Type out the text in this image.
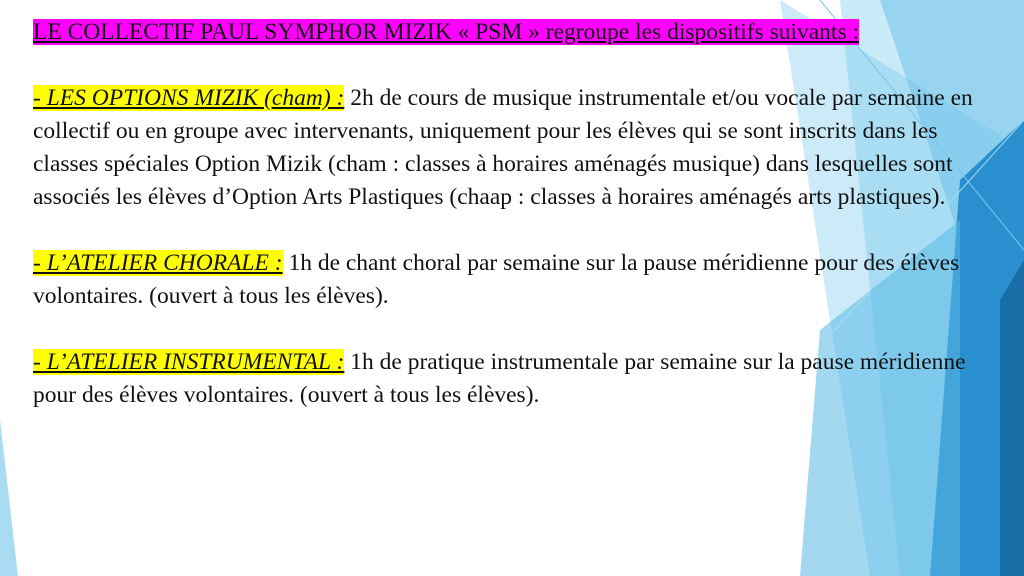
LE COLLECTIF PAUL SYMPHOR MIZIK « PSM » regroupe les dispositifs suivants :

- LES OPTIONS MIZIK (cham) : 2h de cours de musique instrumentale et/ou vocale par semaine en collectif ou en groupe avec intervenants, uniquement pour les élèves qui se sont inscrits dans les classes spéciales Option Mizik (cham : classes à horaires aménagés musique) dans lesquelles sont associés les élèves d’Option Arts Plastiques (chaap : classes à horaires aménagés arts plastiques).

- L’ATELIER CHORALE : 1h de chant choral par semaine sur la pause méridienne pour des élèves volontaires. (ouvert à tous les élèves).

- L’ATELIER INSTRUMENTAL : 1h de pratique instrumentale par semaine sur la pause méridienne pour des élèves volontaires. (ouvert à tous les élèves).
